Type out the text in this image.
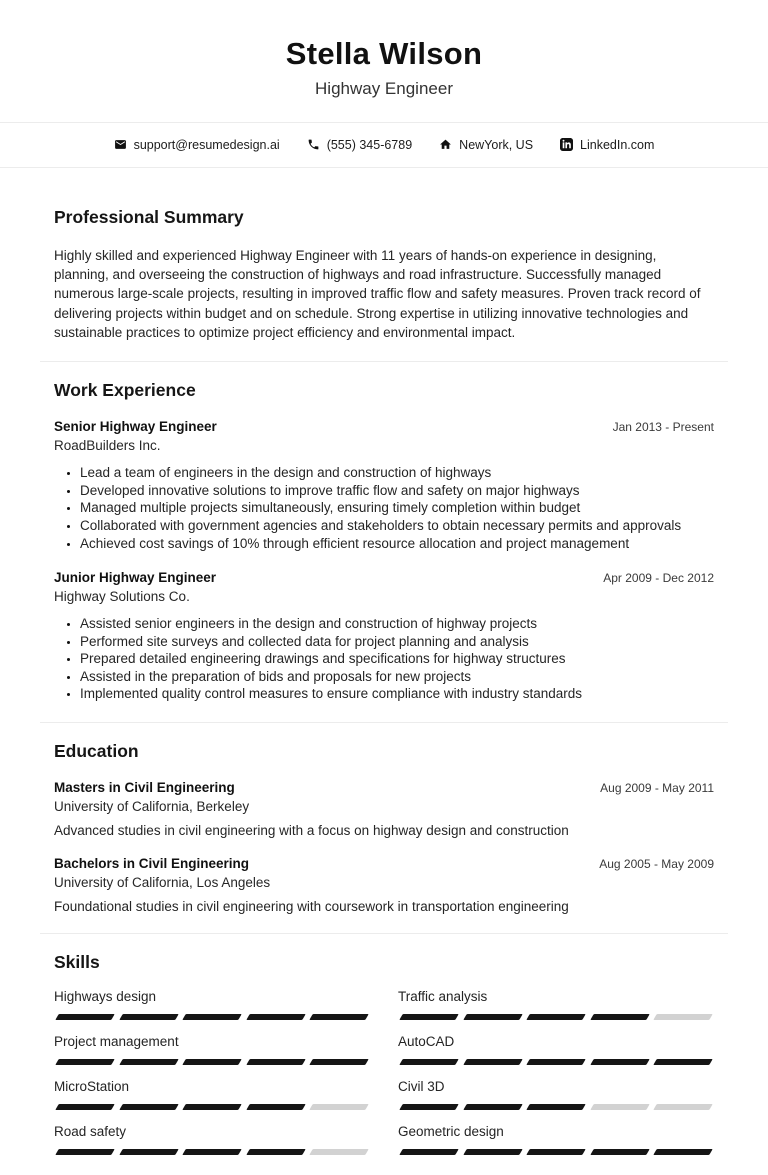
Stella Wilson
Highway Engineer
support@resumedesign.ai	(555) 345-6789	NewYork, US	LinkedIn.com
Professional Summary

Highly skilled and experienced Highway Engineer with 11 years of hands-on experience in designing, planning, and overseeing the construction of highways and road infrastructure. Successfully managed numerous large-scale projects, resulting in improved traffic flow and safety measures. Proven track record of delivering projects within budget and on schedule. Strong expertise in utilizing innovative technologies and sustainable practices to optimize project efficiency and environmental impact.

Work Experience
Senior Highway Engineer	Jan 2013 - Present
RoadBuilders Inc.
• Lead a team of engineers in the design and construction of highways
• Developed innovative solutions to improve traffic flow and safety on major highways
• Managed multiple projects simultaneously, ensuring timely completion within budget
• Collaborated with government agencies and stakeholders to obtain necessary permits and approvals
• Achieved cost savings of 10% through efficient resource allocation and project management
Junior Highway Engineer	Apr 2009 - Dec 2012
Highway Solutions Co.
• Assisted senior engineers in the design and construction of highway projects
• Performed site surveys and collected data for project planning and analysis
• Prepared detailed engineering drawings and specifications for highway structures
• Assisted in the preparation of bids and proposals for new projects
• Implemented quality control measures to ensure compliance with industry standards
Education
Masters in Civil Engineering	Aug 2009 - May 2011
University of California, Berkeley
Advanced studies in civil engineering with a focus on highway design and construction
Bachelors in Civil Engineering	Aug 2005 - May 2009
University of California, Los Angeles
Foundational studies in civil engineering with coursework in transportation engineering
Skills
Highways design	Traffic analysis
Project management	AutoCAD
MicroStation	Civil 3D
Road safety	Geometric design
